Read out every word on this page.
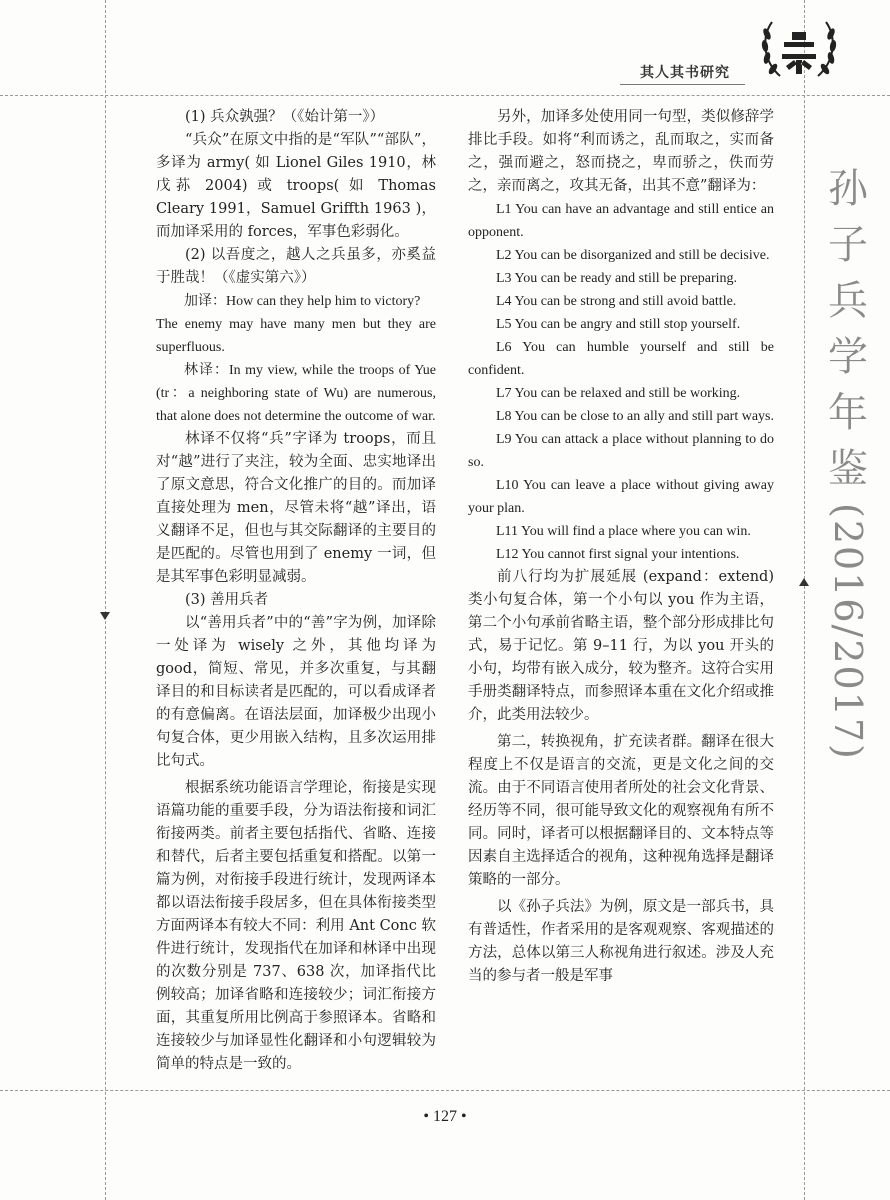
其人其书研究
孙
子
兵
学
年
鉴
(2016/2017)

(1) 兵众孰强？（《始计第一》）

“兵众”在原文中指的是“军队”“部队”，多译为 army( 如 Lionel Giles 1910，林戊荪 2004) 或 troops( 如 Thomas Cleary 1991，Samuel Griffth 1963 )，而加译采用的 forces，军事色彩弱化。

(2) 以吾度之，越人之兵虽多，亦奚益于胜哉！（《虚实第六》）

加译：How can they help him to victory?

The enemy may have many men but they are superfluous.

林译：In my view, while the troops of Yue (tr：a neighboring state of Wu) are numerous, that alone does not determine the outcome of war.

林译不仅将“兵”字译为 troops，而且对“越”进行了夹注，较为全面、忠实地译出了原文意思，符合文化推广的目的。而加译直接处理为 men，尽管未将“越”译出，语义翻译不足，但也与其交际翻译的主要目的是匹配的。尽管也用到了 enemy 一词，但是其军事色彩明显减弱。

(3) 善用兵者

以“善用兵者”中的“善”字为例，加译除一处译为 wisely 之外，其他均译为 good，简短、常见，并多次重复，与其翻译目的和目标读者是匹配的，可以看成译者的有意偏离。在语法层面，加译极少出现小句复合体，更少用嵌入结构，且多次运用排比句式。

根据系统功能语言学理论，衔接是实现语篇功能的重要手段，分为语法衔接和词汇衔接两类。前者主要包括指代、省略、连接和替代，后者主要包括重复和搭配。以第一篇为例，对衔接手段进行统计，发现两译本都以语法衔接手段居多，但在具体衔接类型方面两译本有较大不同：利用 Ant Conc 软件进行统计，发现指代在加译和林译中出现的次数分别是 737、638 次，加译指代比例较高；加译省略和连接较少；词汇衔接方面，其重复所用比例高于参照译本。省略和连接较少与加译显性化翻译和小句逻辑较为简单的特点是一致的。

另外，加译多处使用同一句型，类似修辞学排比手段。如将“利而诱之，乱而取之，实而备之，强而避之，怒而挠之，卑而骄之，佚而劳之，亲而离之，攻其无备，出其不意”翻译为：

L1 You can have an advantage and still entice an opponent.

L2 You can be disorganized and still be decisive.

L3 You can be ready and still be preparing.

L4 You can be strong and still avoid battle.

L5 You can be angry and still stop yourself.

L6 You can humble yourself and still be confident.

L7 You can be relaxed and still be working.

L8 You can be close to an ally and still part ways.

L9 You can attack a place without planning to do so.

L10 You can leave a place without giving away your plan.

L11 You will find a place where you can win.

L12 You cannot first signal your intentions.

前八行均为扩展延展 (expand：extend) 类小句复合体，第一个小句以 you 作为主语，第二个小句承前省略主语，整个部分形成排比句式，易于记忆。第 9–11 行，为以 you 开头的小句，均带有嵌入成分，较为整齐。这符合实用手册类翻译特点，而参照译本重在文化介绍或推介，此类用法较少。

第二，转换视角，扩充读者群。翻译在很大程度上不仅是语言的交流，更是文化之间的交流。由于不同语言使用者所处的社会文化背景、经历等不同，很可能导致文化的观察视角有所不同。同时，译者可以根据翻译目的、文本特点等因素自主选择适合的视角，这种视角选择是翻译策略的一部分。

以《孙子兵法》为例，原文是一部兵书，具有普适性，作者采用的是客观观察、客观描述的方法，总体以第三人称视角进行叙述。涉及人充当的参与者一般是军事

• 127 •
